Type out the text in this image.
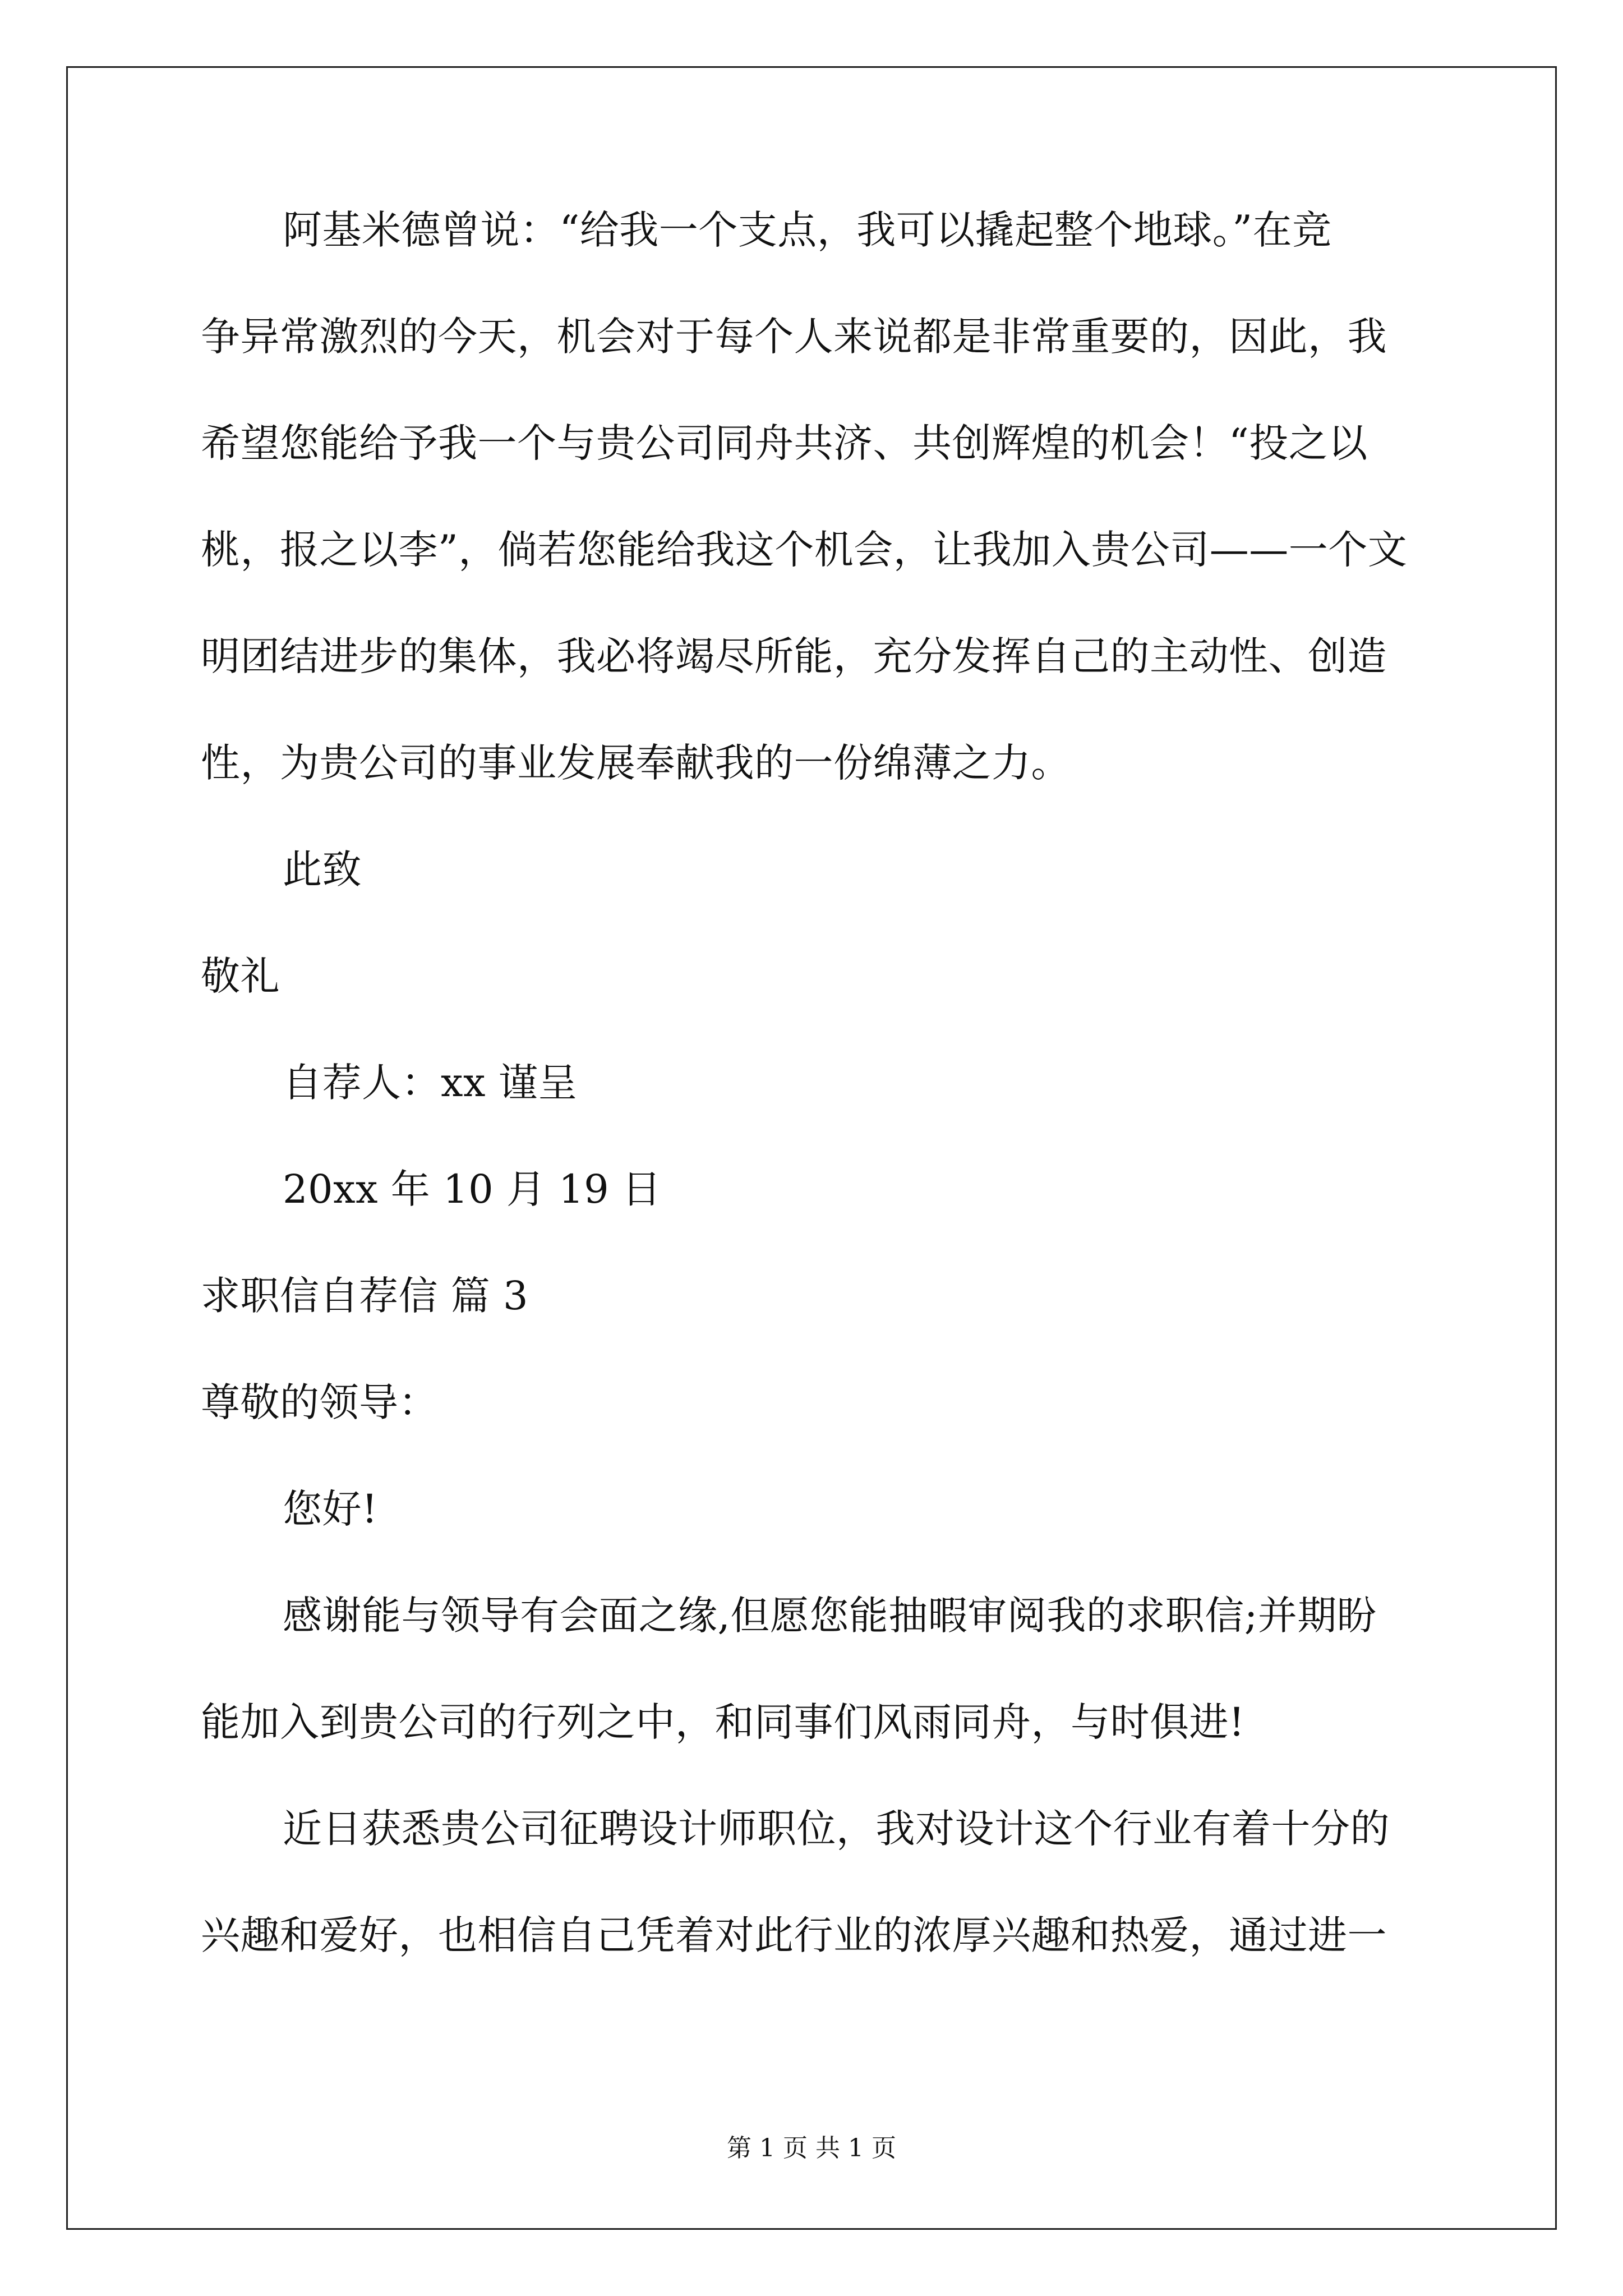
阿基米德曾说：“给我一个支点，我可以撬起整个地球。”在竞
争异常激烈的今天，机会对于每个人来说都是非常重要的，因此，我
希望您能给予我一个与贵公司同舟共济、共创辉煌的机会！“投之以
桃，报之以李”，倘若您能给我这个机会，让我加入贵公司——一个文
明团结进步的集体，我必将竭尽所能，充分发挥自己的主动性、创造
性，为贵公司的事业发展奉献我的一份绵薄之力。
此致
敬礼
自荐人：xx 谨呈
20xx 年 10 月 19 日
求职信自荐信 篇 3
尊敬的领导：
您好!
感谢能与领导有会面之缘,但愿您能抽暇审阅我的求职信;并期盼
能加入到贵公司的行列之中，和同事们风雨同舟，与时俱进!
近日获悉贵公司征聘设计师职位，我对设计这个行业有着十分的
兴趣和爱好，也相信自己凭着对此行业的浓厚兴趣和热爱，通过进一
第 1 页 共 1 页
